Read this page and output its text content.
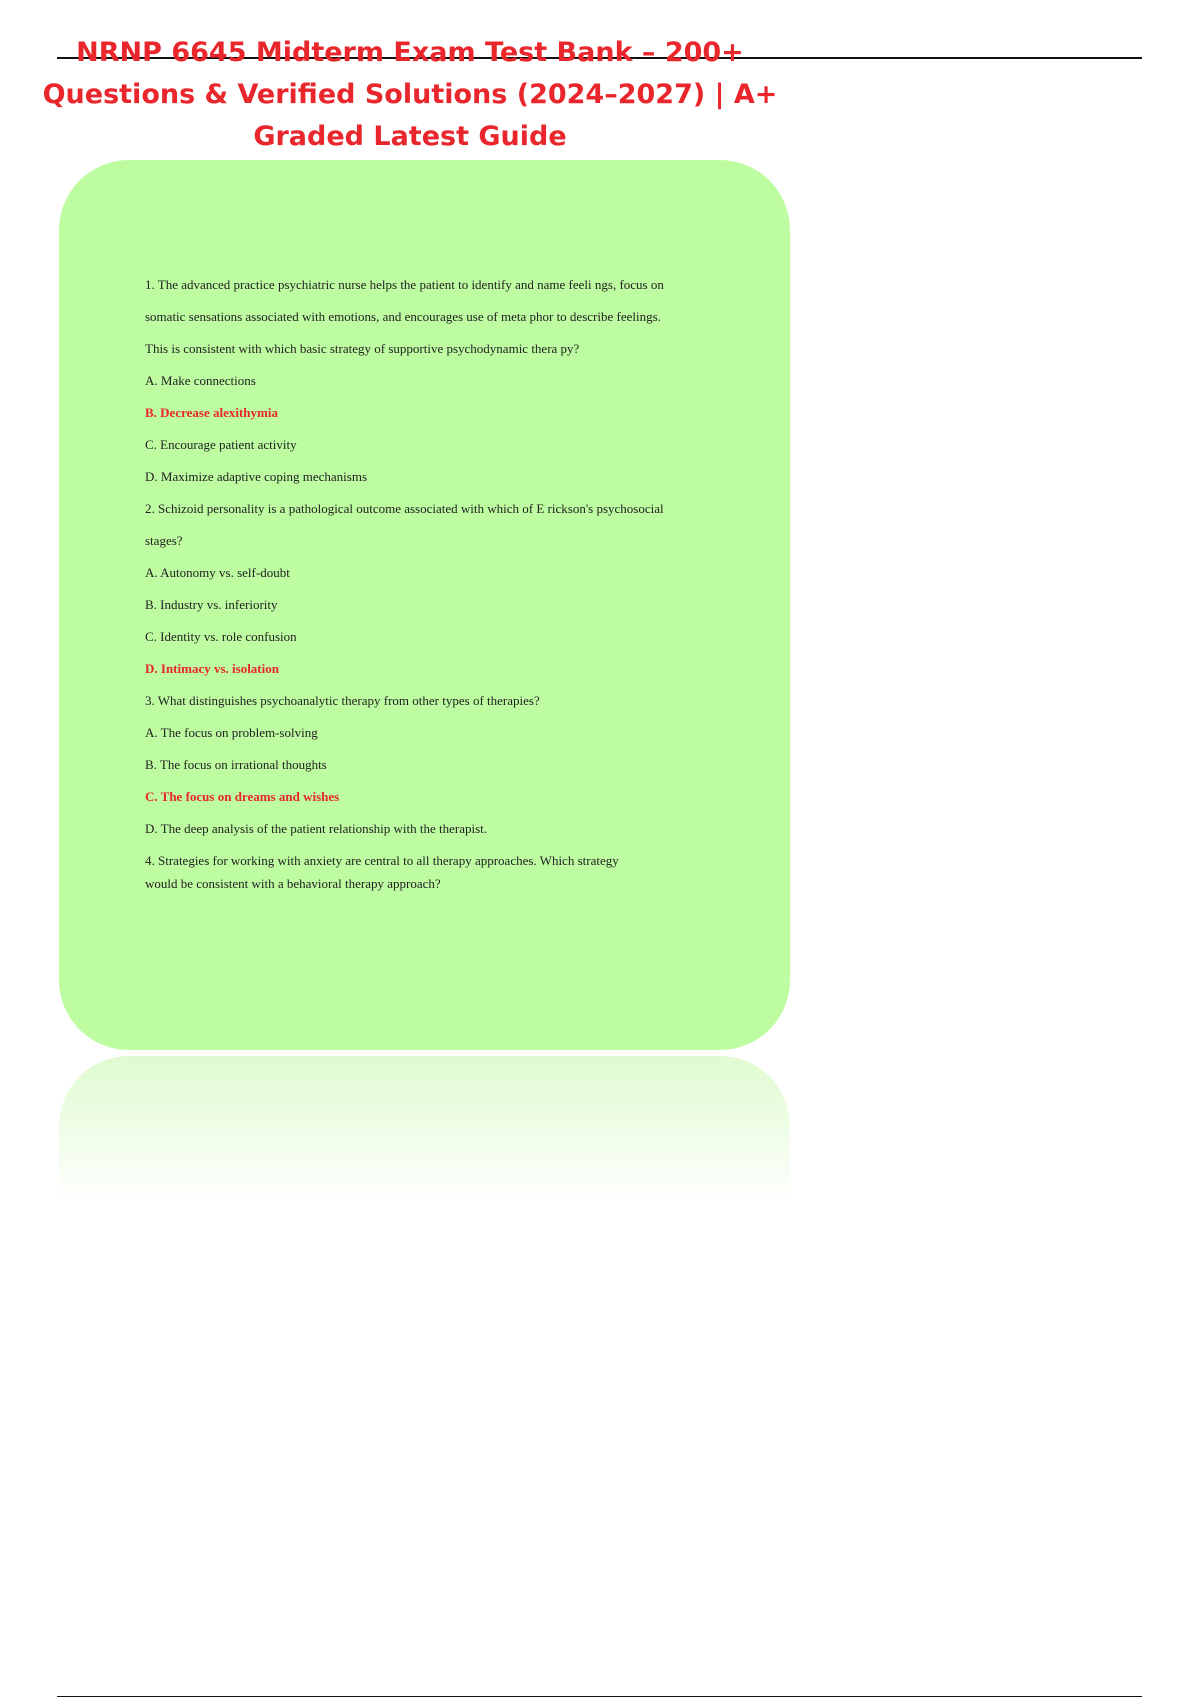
NRNP 6645 Midterm Exam Test Bank – 200+
Questions & Verified Solutions (2024–2027) | A+
Graded Latest Guide

1. The advanced practice psychiatric nurse helps the patient to identify and name feeli ngs, focus on

somatic sensations associated with emotions, and encourages use of meta phor to describe feelings.

This is consistent with which basic strategy of supportive psychodynamic thera py?

A. Make connections

B. Decrease alexithymia

C. Encourage patient activity

D. Maximize adaptive coping mechanisms

2. Schizoid personality is a pathological outcome associated with which of E rickson's psychosocial

stages?

A. Autonomy vs. self-doubt

B. Industry vs. inferiority

C. Identity vs. role confusion

D. Intimacy vs. isolation

3. What distinguishes psychoanalytic therapy from other types of therapies?

A. The focus on problem-solving

B. The focus on irrational thoughts

C. The focus on dreams and wishes

D. The deep analysis of the patient relationship with the therapist.

4. Strategies for working with anxiety are central to all therapy approaches. Which strategy

would be consistent with a behavioral therapy approach?
